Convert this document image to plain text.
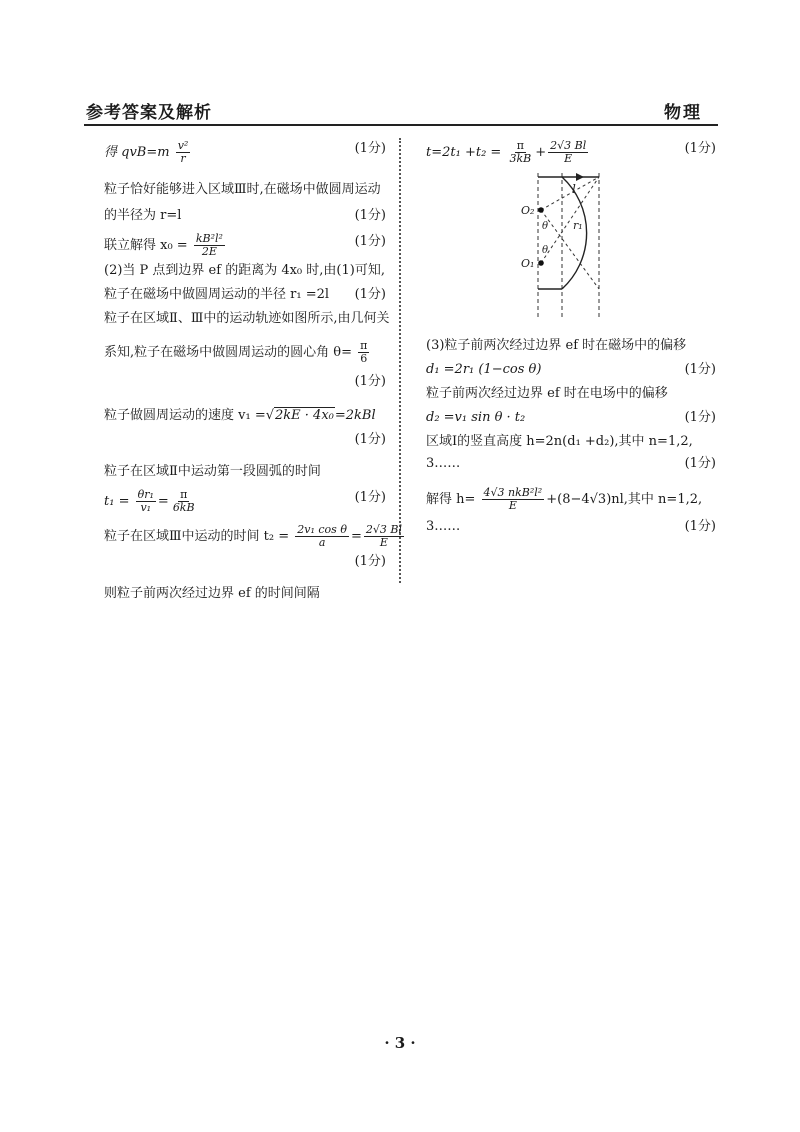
参考答案及解析	物理
得 $qvB=m \frac{\text{v²}}{r}$	(1分)
粒子恰好能够进入区域Ⅲ时,在磁场中做圆周运动
的半径为 r=l	(1分)
联立解得 $x_0 = \frac{\text{kB²l²}}{2E}$	(1分)
(2)当 P 点到边界 ef 的距离为 4x₀ 时,由(1)可知,
粒子在磁场中做圆周运动的半径 r₁ =2l (1分)
粒子在区域Ⅱ、Ⅲ中的运动轨迹如图所示,由几何关
系知,粒子在磁场中做圆周运动的圆心角 $\theta= \frac{\pi}{6}$
(1分)
粒子做圆周运动的速度 v₁ =√2kE · 4x₀=2kBl
(1分)
粒子在区域Ⅱ中运动第一段圆弧的时间
$t_1 = \frac{\text{θr₁}}{\text{v₁}} = \frac{\pi}{6kB}$	(1分)
粒子在区域Ⅲ中运动的时间 $t_2 = \frac{\text{2v₁ cos θ}}{a} = \frac{2√3 Bl}{E}$
(1分)
则粒子前两次经过边界 ef 的时间间隔
$t=2t_1 +t_2 = \frac{\pi}{3kB} + \frac{2√3 Bl}{E}$	(1分)
l
r₁
O₂
O₁
θ
θ
(3)粒子前两次经过边界 ef 时在磁场中的偏移
d₁ =2r₁ (1−cos θ)	(1分)
粒子前两次经过边界 ef 时在电场中的偏移
d₂ =v₁ sin θ · t₂	(1分)
区域Ⅰ的竖直高度 h=2n(d₁ +d₂),其中 n=1,2,
3……	(1分)
解得 $h= \frac{\text{4√3 nkB²l²}}{E} +(8-4√3)nl$,其中 n=1,2,
3……	(1分)
· 3 ·
